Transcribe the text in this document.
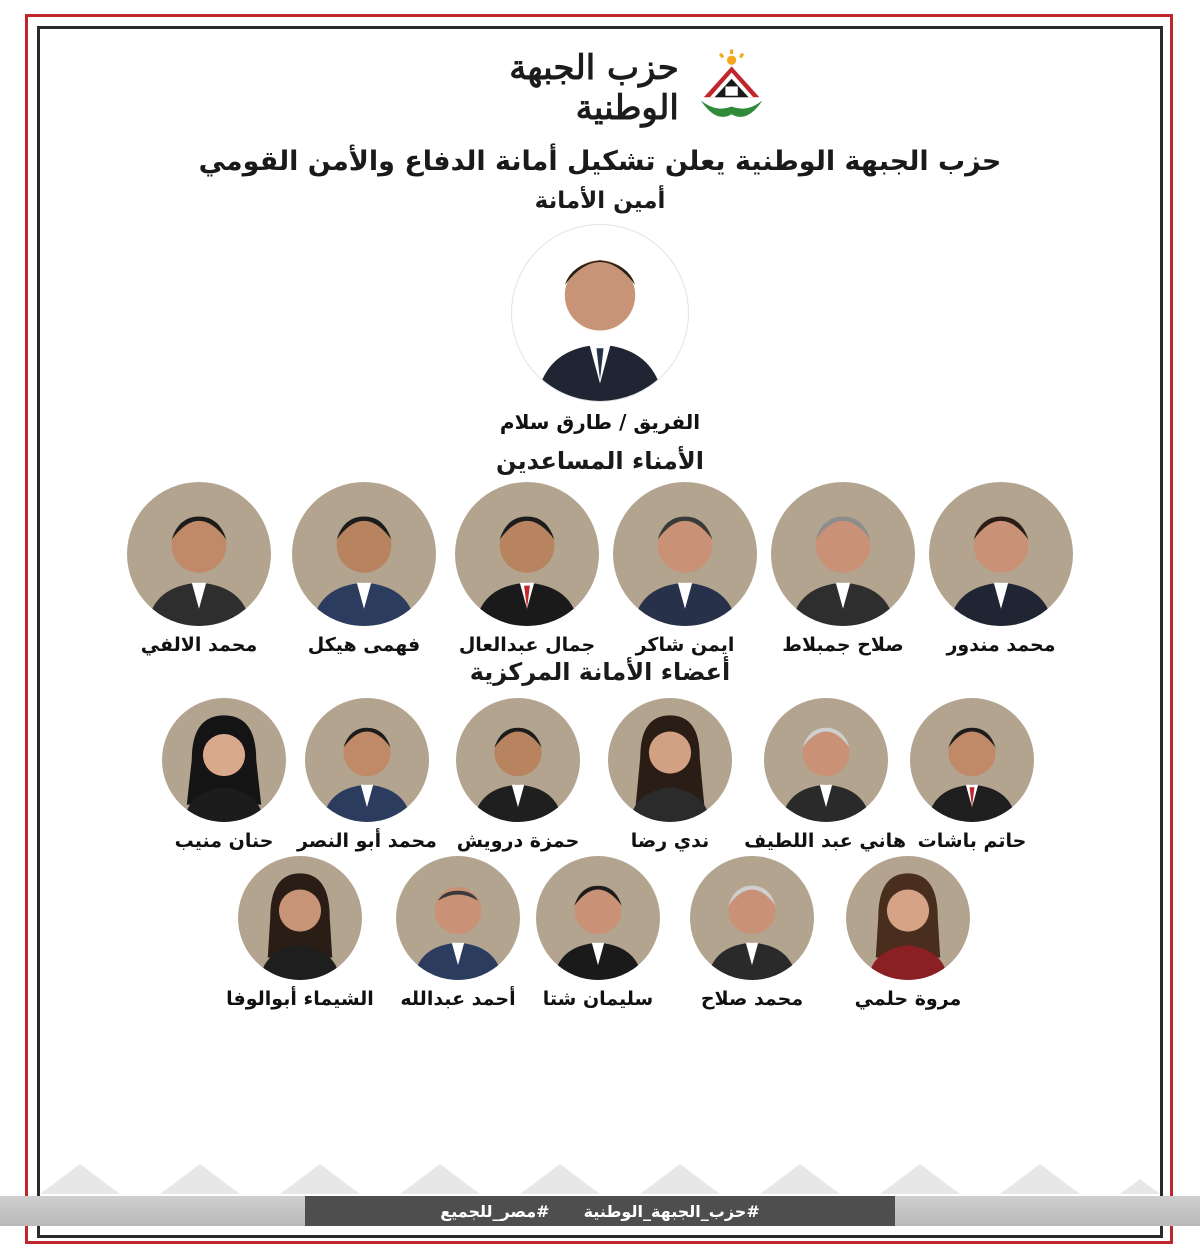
حزب الجبهة الوطنية
حزب الجبهة الوطنية يعلن تشكيل أمانة الدفاع والأمن القومي
أمين الأمانة
الفريق / طارق سلام
الأمناء المساعدين
محمد مندور
صلاح جمبلاط
ايمن شاكر
جمال عبدالعال
فهمى هيكل
محمد الالفي
أعضاء الأمانة المركزية
حاتم باشات
هاني عبد اللطيف
ندي رضا
حمزة درويش
محمد أبو النصر
حنان منيب
مروة حلمي
محمد صلاح
سليمان شتا
أحمد عبدالله
الشيماء أبوالوفا
#حزب_الجبهة_الوطنية
#مصر_للجميع
